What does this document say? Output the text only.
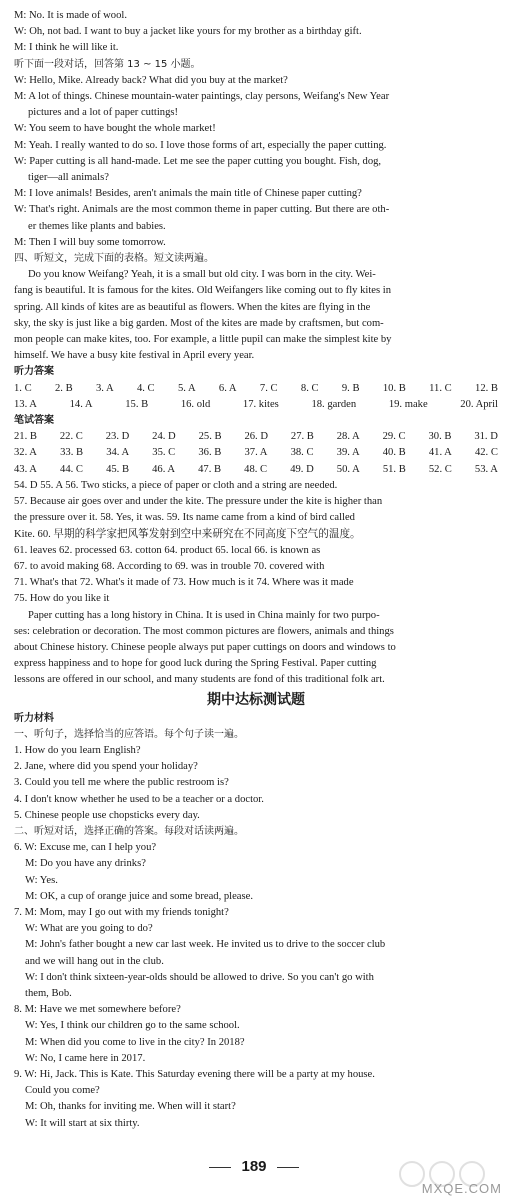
M: No. It is made of wool.
W: Oh, not bad. I want to buy a jacket like yours for my brother as a birthday gift.
M: I think he will like it.
听下面一段对话，回答第 13 ~ 15 小题。
W: Hello, Mike. Already back? What did you buy at the market?
M: A lot of things. Chinese mountain-water paintings, clay persons, Weifang's New Year
pictures and a lot of paper cuttings!
W: You seem to have bought the whole market!
M: Yeah. I really wanted to do so. I love those forms of art, especially the paper cutting.
W: Paper cutting is all hand-made. Let me see the paper cutting you bought. Fish, dog,
tiger—all animals?
M: I love animals! Besides, aren't animals the main title of Chinese paper cutting?
W: That's right. Animals are the most common theme in paper cutting. But there are oth-
er themes like plants and babies.
M: Then I will buy some tomorrow.
四、听短文，完成下面的表格。短文读两遍。
Do you know Weifang? Yeah, it is a small but old city. I was born in the city. Wei-
fang is beautiful. It is famous for the kites. Old Weifangers like coming out to fly kites in
spring. All kinds of kites are as beautiful as flowers. When the kites are flying in the
sky, the sky is just like a big garden. Most of the kites are made by craftsmen, but com-
mon people can make kites, too. For example, a little pupil can make the simplest kite by
himself. We have a busy kite festival in April every year.
听力答案
1. C 2. B 3. A 4. C 5. A 6. A 7. C 8. C 9. B 10. B 11. C 12. B
13. A	14. A	15. B	16. old	17. kites	18. garden	19. make	20. April
笔试答案
21. B 22. C 23. D 24. D 25. B 26. D 27. B 28. A 29. C 30. B 31. D
32. A 33. B 34. A 35. C 36. B 37. A 38. C 39. A 40. B 41. A 42. C
43. A 44. C 45. B 46. A 47. B 48. C 49. D 50. A 51. B 52. C 53. A
54. D 55. A 56. Two sticks, a piece of paper or cloth and a string are needed.
57. Because air goes over and under the kite. The pressure under the kite is higher than
the pressure over it. 58. Yes, it was. 59. Its name came from a kind of bird called
Kite. 60. 早期的科学家把风筝发射到空中来研究在不同高度下空气的温度。
61. leaves 62. processed 63. cotton 64. product 65. local 66. is known as
67. to avoid making 68. According to 69. was in trouble 70. covered with
71. What's that 72. What's it made of 73. How much is it 74. Where was it made
75. How do you like it
Paper cutting has a long history in China. It is used in China mainly for two purpo-
ses: celebration or decoration. The most common pictures are flowers, animals and things
about Chinese history. Chinese people always put paper cuttings on doors and windows to
express happiness and to hope for good luck during the Spring Festival. Paper cutting
lessons are offered in our school, and many students are fond of this traditional folk art.
期中达标测试题
听力材料
一、听句子，选择恰当的应答语。每个句子读一遍。
1. How do you learn English?
2. Jane, where did you spend your holiday?
3. Could you tell me where the public restroom is?
4. I don't know whether he used to be a teacher or a doctor.
5. Chinese people use chopsticks every day.
二、听短对话，选择正确的答案。每段对话读两遍。
6. W: Excuse me, can I help you?
M: Do you have any drinks?
W: Yes.
M: OK, a cup of orange juice and some bread, please.
7. M: Mom, may I go out with my friends tonight?
W: What are you going to do?
M: John's father bought a new car last week. He invited us to drive to the soccer club
and we will hang out in the club.
W: I don't think sixteen-year-olds should be allowed to drive. So you can't go with
them, Bob.
8. M: Have we met somewhere before?
W: Yes, I think our children go to the same school.
M: When did you come to live in the city? In 2018?
W: No, I came here in 2017.
9. W: Hi, Jack. This is Kate. This Saturday evening there will be a party at my house.
Could you come?
M: Oh, thanks for inviting me. When will it start?
W: It will start at six thirty.
189
MXQE.COM
